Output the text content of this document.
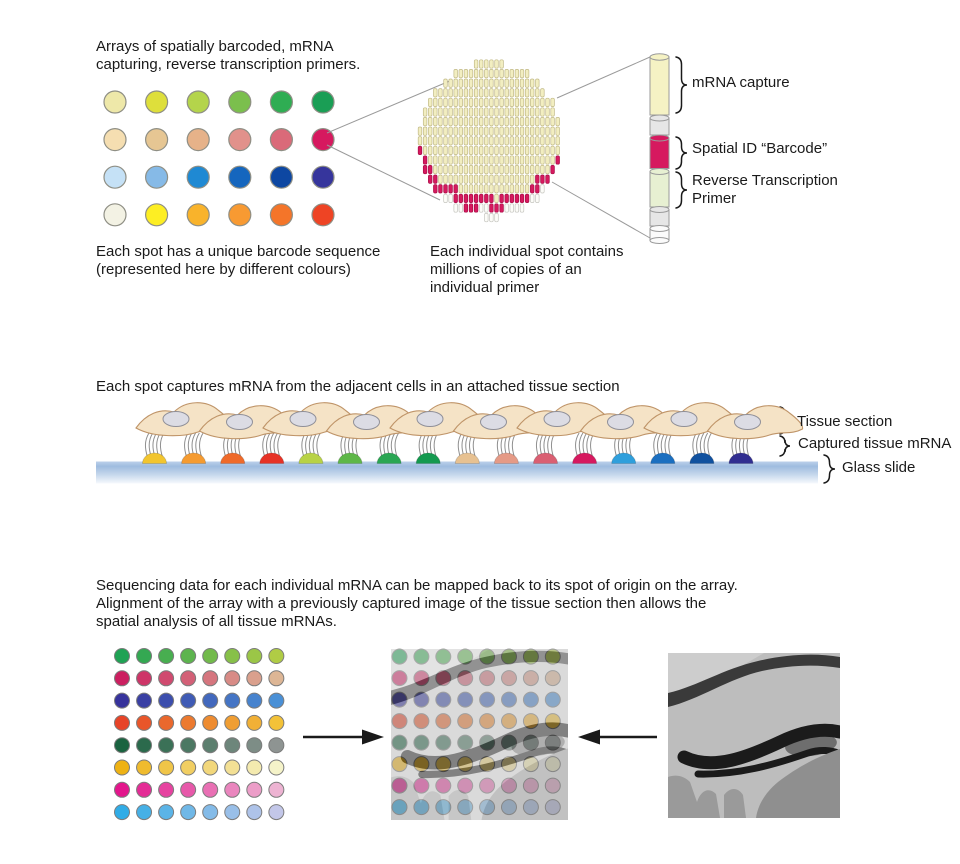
Arrays of spatially barcoded, mRNA
capturing, reverse transcription primers.
Each spot has a unique barcode sequence
(represented here by different colours)
Each individual spot contains
millions of copies of an
individual primer
mRNA capture
Spatial ID “Barcode”
Reverse Transcription
Primer
Each spot captures mRNA from the adjacent cells in an attached tissue section
Tissue section
Captured tissue mRNA
Glass slide
Sequencing data for each individual mRNA can be mapped back to its spot of origin on the array.
Alignment of the array with a previously captured image of the tissue section then allows the
spatial analysis of all tissue mRNAs.
